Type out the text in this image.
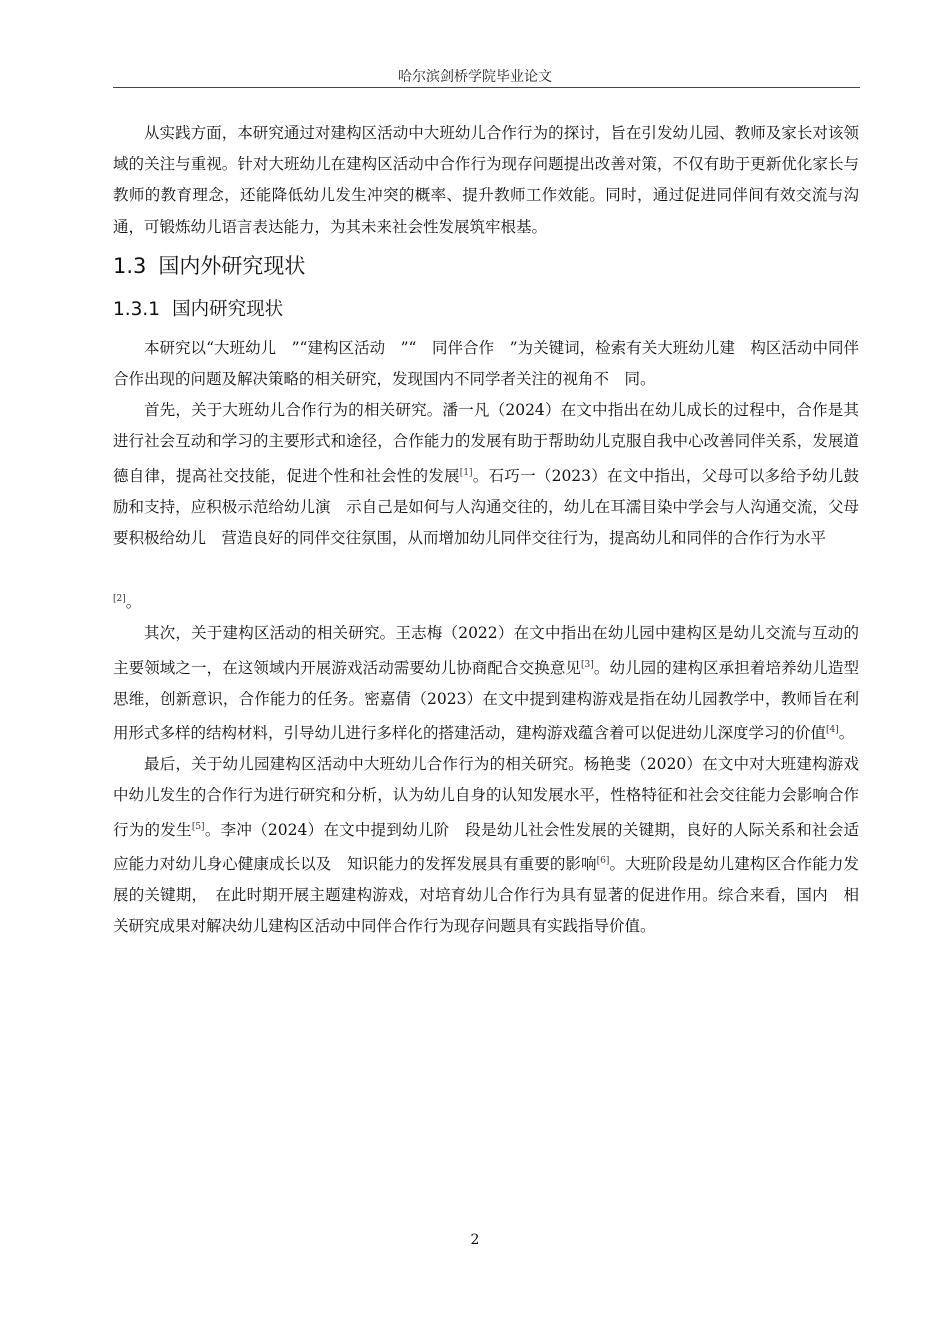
哈尔滨剑桥学院毕业论文

从实践方面，本研究通过对建构区活动中大班幼儿合作行为的探讨，旨在引发幼儿园、教师及家长对该领域的关注与重视。针对大班幼儿在建构区活动中合作行为现存问题提出改善对策，不仅有助于更新优化家长与教师的教育理念，还能降低幼儿发生冲突的概率、提升教师工作效能。同时，通过促进同伴间有效交流与沟通，可锻炼幼儿语言表达能力，为其未来社会性发展筑牢根基。

1.3 国内外研究现状
1.3.1 国内研究现状

本研究以“大班幼儿　”“建构区活动　”“　同伴合作　”为关键词，检索有关大班幼儿建　构区活动中同伴合作出现的问题及解决策略的相关研究，发现国内不同学者关注的视角不　同。

首先，关于大班幼儿合作行为的相关研究。潘一凡（2024）在文中指出在幼儿成长的过程中，合作是其进行社会互动和学习的主要形式和途径，合作能力的发展有助于帮助幼儿克服自我中心改善同伴关系，发展道德自律，提高社交技能，促进个性和社会性的发展[1]。石巧一（2023）在文中指出，父母可以多给予幼儿鼓励和支持，应积极示范给幼儿演　示自己是如何与人沟通交往的，幼儿在耳濡目染中学会与人沟通交流，父母要积极给幼儿　营造良好的同伴交往氛围，从而增加幼儿同伴交往行为，提高幼儿和同伴的合作行为水平

[2]。

其次，关于建构区活动的相关研究。王志梅（2022）在文中指出在幼儿园中建构区是幼儿交流与互动的主要领域之一，在这领域内开展游戏活动需要幼儿协商配合交换意见[3]。幼儿园的建构区承担着培养幼儿造型思维，创新意识，合作能力的任务。密嘉倩（2023）在文中提到建构游戏是指在幼儿园教学中，教师旨在利用形式多样的结构材料，引导幼儿进行多样化的搭建活动，建构游戏蕴含着可以促进幼儿深度学习的价值[4]。

最后，关于幼儿园建构区活动中大班幼儿合作行为的相关研究。杨艳斐（2020）在文中对大班建构游戏中幼儿发生的合作行为进行研究和分析，认为幼儿自身的认知发展水平，性格特征和社会交往能力会影响合作行为的发生[5]。李冲（2024）在文中提到幼儿阶　段是幼儿社会性发展的关键期，良好的人际关系和社会适应能力对幼儿身心健康成长以及　知识能力的发挥发展具有重要的影响[6]。大班阶段是幼儿建构区合作能力发展的关键期，　在此时期开展主题建构游戏，对培育幼儿合作行为具有显著的促进作用。综合来看，国内　相关研究成果对解决幼儿建构区活动中同伴合作行为现存问题具有实践指导价值。

2
